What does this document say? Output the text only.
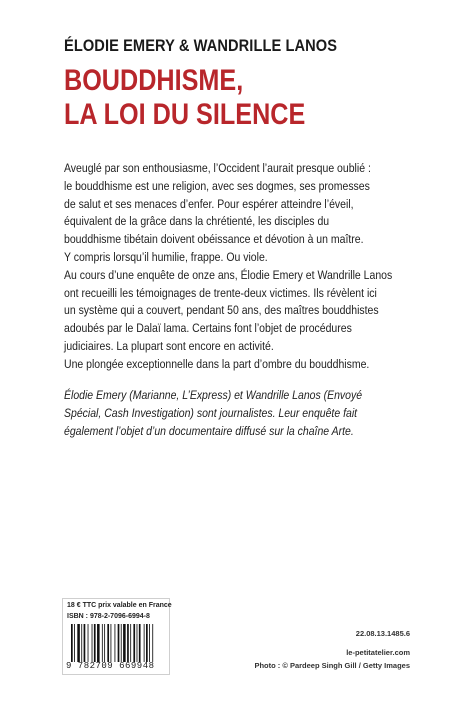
ÉLODIE EMERY & WANDRILLE LANOS
BOUDDHISME,
LA LOI DU SILENCE

Aveuglé par son enthousiasme, l’Occident l’aurait presque oublié :

le bouddhisme est une religion, avec ses dogmes, ses promesses

de salut et ses menaces d’enfer. Pour espérer atteindre l’éveil,

équivalent de la grâce dans la chrétienté, les disciples du

bouddhisme tibétain doivent obéissance et dévotion à un maître.

Y compris lorsqu’il humilie, frappe. Ou viole.

Au cours d’une enquête de onze ans, Élodie Emery et Wandrille Lanos

ont recueilli les témoignages de trente-deux victimes. Ils révèlent ici

un système qui a couvert, pendant 50 ans, des maîtres bouddhistes

adoubés par le Dalaï lama. Certains font l’objet de procédures

judiciaires. La plupart sont encore en activité.

Une plongée exceptionnelle dans la part d’ombre du bouddhisme.

Élodie Emery (Marianne, L’Express) et Wandrille Lanos (Envoyé

Spécial, Cash Investigation) sont journalistes. Leur enquête fait

également l’objet d’un documentaire diffusé sur la chaîne Arte.

18 € TTC prix valable en France
ISBN : 978-2-7096-6994-8
9 782709 669948
22.08.13.1485.6
le-petitatelier.com
Photo : © Pardeep Singh Gill / Getty Images
